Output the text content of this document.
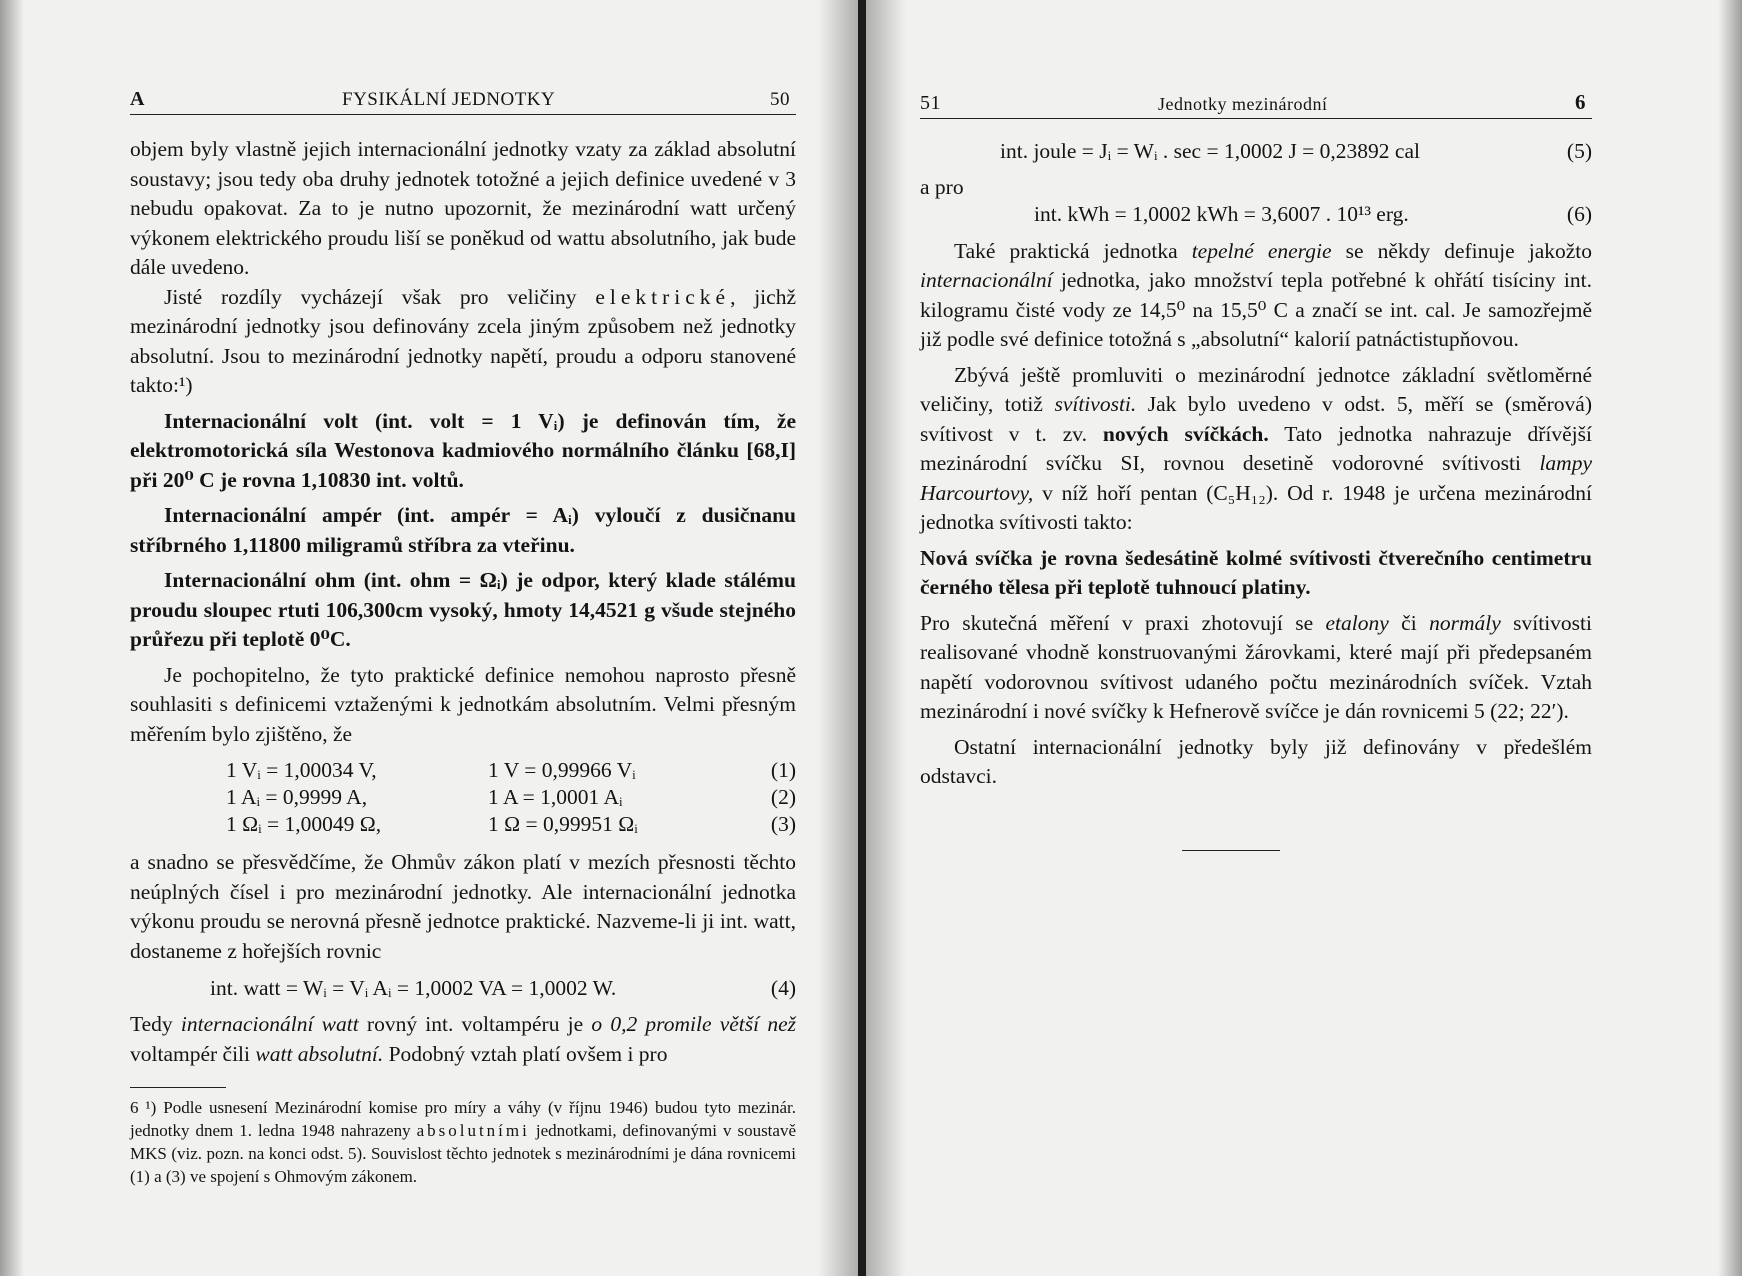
A	FYSIKÁLNÍ JEDNOTKY	50

objem byly vlastně jejich internacionální jednotky vzaty za základ absolutní soustavy; jsou tedy oba druhy jednotek totožné a jejich definice uvedené v 3 nebudu opakovat. Za to je nutno upozornit, že mezinárodní watt určený výkonem elektrického proudu liší se poněkud od wattu absolutního, jak bude dále uvedeno.

Jisté rozdíly vycházejí však pro veličiny elektrické, jichž mezinárodní jednotky jsou definovány zcela jiným způsobem než jednotky absolutní. Jsou to mezinárodní jednotky napětí, proudu a odporu stanovené takto:¹)

Internacionální volt (int. volt = 1 Vᵢ) je definován tím, že elektromotorická síla Westonova kadmiového normálního článku [68,I] při 20⁰ C je rovna 1,10830 int. voltů.

Internacionální ampér (int. ampér = Aᵢ) vyloučí z dusičnanu stříbrného 1,11800 miligramů stříbra za vteřinu.

Internacionální ohm (int. ohm = Ωᵢ) je odpor, který klade stálému proudu sloupec rtuti 106,300cm vysoký, hmoty 14,4521 g všude stejného průřezu při teplotě 0⁰C.

Je pochopitelno, že tyto praktické definice nemohou naprosto přesně souhlasiti s definicemi vztaženými k jednotkám absolutním. Velmi přesným měřením bylo zjištěno, že

1 Vᵢ = 1,00034 V,	1 V = 0,99966 Vᵢ	(1)
1 Aᵢ = 0,9999 A,	1 A = 1,0001 Aᵢ	(2)
1 Ωᵢ = 1,00049 Ω,	1 Ω = 0,99951 Ωᵢ	(3)

a snadno se přesvědčíme, že Ohmův zákon platí v mezích přesnosti těchto neúplných čísel i pro mezinárodní jednotky. Ale internacionální jednotka výkonu proudu se nerovná přesně jednotce praktické. Nazveme-li ji int. watt, dostaneme z hořejších rovnic

int. watt = Wᵢ = Vᵢ Aᵢ = 1,0002 VA = 1,0002 W.	(4)

Tedy internacionální watt rovný int. voltampéru je o 0,2 promile větší než voltampér čili watt absolutní. Podobný vztah platí ovšem i pro

6 ¹) Podle usnesení Mezinárodní komise pro míry a váhy (v říjnu 1946) budou tyto mezinár. jednotky dnem 1. ledna 1948 nahrazeny absolutními jednotkami, definovanými v soustavě MKS (viz. pozn. na konci odst. 5). Souvislost těchto jednotek s mezinárodními je dána rovnicemi (1) a (3) ve spojení s Ohmovým zákonem.

51	Jednotky mezinárodní	6
int. joule = Jᵢ = Wᵢ . sec = 1,0002 J = 0,23892 cal	(5)

a pro

int. kWh = 1,0002 kWh = 3,6007 . 10¹³ erg.	(6)

Také praktická jednotka tepelné energie se někdy definuje jakožto internacionální jednotka, jako množství tepla potřebné k ohřátí tisíciny int. kilogramu čisté vody ze 14,5⁰ na 15,5⁰ C a značí se int. cal. Je samozřejmě již podle své definice totožná s „absolutní“ kalorií patnáctistupňovou.

Zbývá ještě promluviti o mezinárodní jednotce základní světloměrné veličiny, totiž svítivosti. Jak bylo uvedeno v odst. 5, měří se (směrová) svítivost v t. zv. nových svíčkách. Tato jednotka nahrazuje dřívější mezinárodní svíčku SI, rovnou desetině vodorovné svítivosti lampy Harcourtovy, v níž hoří pentan (C₅H₁₂). Od r. 1948 je určena mezinárodní jednotka svítivosti takto:

Nová svíčka je rovna šedesátině kolmé svítivosti čtverečního centimetru černého tělesa při teplotě tuhnoucí platiny.

Pro skutečná měření v praxi zhotovují se etalony či normály svítivosti realisované vhodně konstruovanými žárovkami, které mají při předepsaném napětí vodorovnou svítivost udaného počtu mezinárodních svíček. Vztah mezinárodní i nové svíčky k Hefnerově svíčce je dán rovnicemi 5 (22; 22′).

Ostatní internacionální jednotky byly již definovány v předešlém odstavci.
